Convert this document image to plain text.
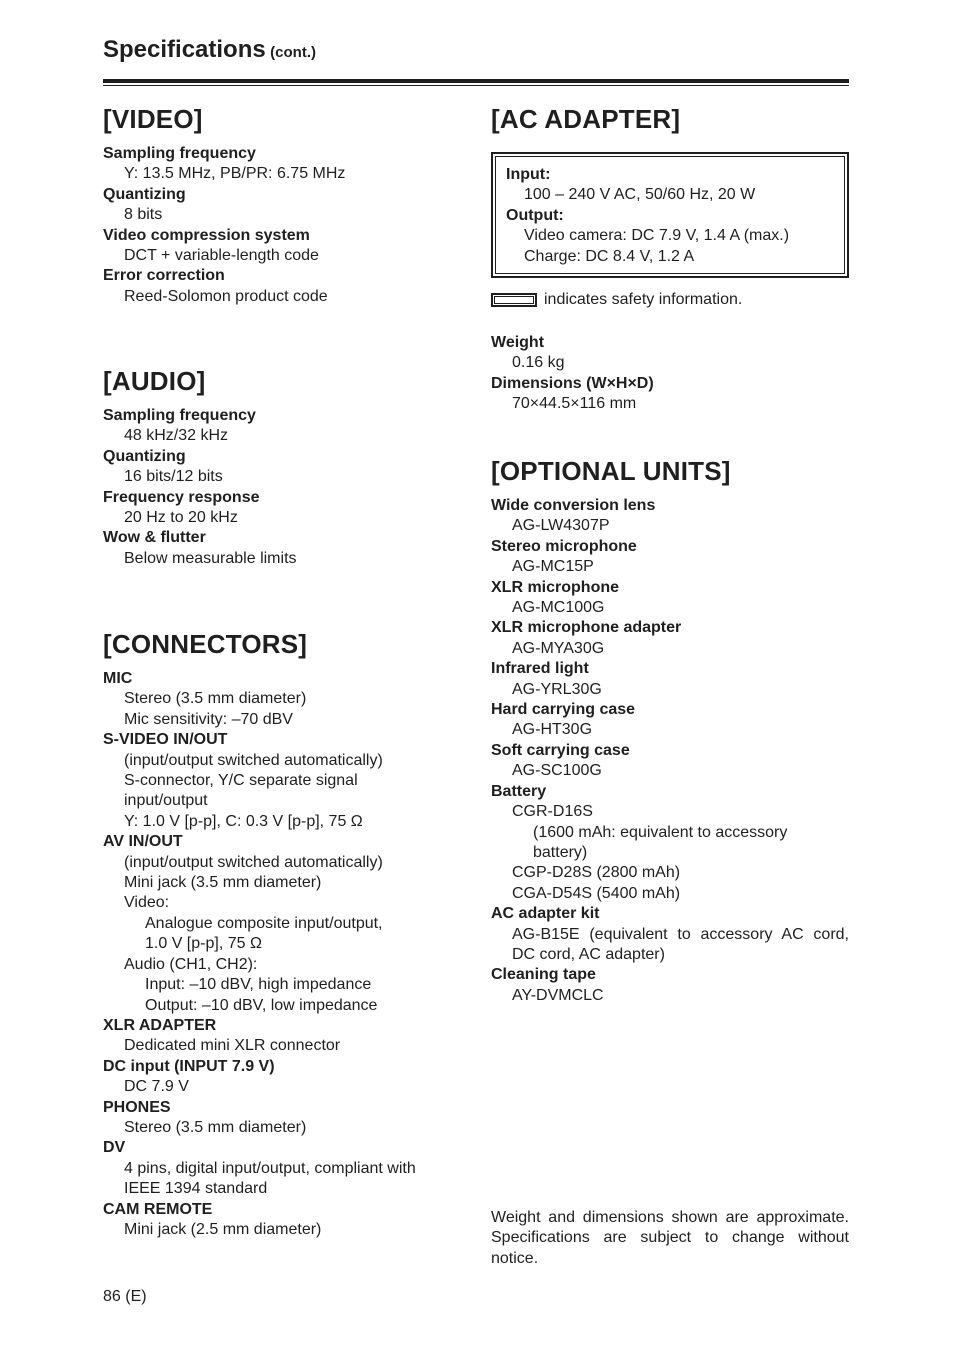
Specifications (cont.)
[VIDEO]
Sampling frequency
Y: 13.5 MHz, PB/PR: 6.75 MHz
Quantizing
8 bits
Video compression system
DCT + variable-length code
Error correction
Reed-Solomon product code
[AUDIO]
Sampling frequency
48 kHz/32 kHz
Quantizing
16 bits/12 bits
Frequency response
20 Hz to 20 kHz
Wow & flutter
Below measurable limits
[CONNECTORS]
MIC
Stereo (3.5 mm diameter)
Mic sensitivity: –70 dBV
S-VIDEO IN/OUT
(input/output switched automatically)
S-connector, Y/C separate signal
input/output
Y: 1.0 V [p-p], C: 0.3 V [p-p], 75 Ω
AV IN/OUT
(input/output switched automatically)
Mini jack (3.5 mm diameter)
Video:
Analogue composite input/output,
1.0 V [p-p], 75 Ω
Audio (CH1, CH2):
Input: –10 dBV, high impedance
Output: –10 dBV, low impedance
XLR ADAPTER
Dedicated mini XLR connector
DC input (INPUT 7.9 V)
DC 7.9 V
PHONES
Stereo (3.5 mm diameter)
DV
4 pins, digital input/output, compliant with
IEEE 1394 standard
CAM REMOTE
Mini jack (2.5 mm diameter)
[AC ADAPTER]
Input:
100 – 240 V AC, 50/60 Hz, 20 W
Output:
Video camera: DC 7.9 V, 1.4 A (max.)
Charge: DC 8.4 V, 1.2 A
indicates safety information.
Weight
0.16 kg
Dimensions (W×H×D)
70×44.5×116 mm
[OPTIONAL UNITS]
Wide conversion lens
AG-LW4307P
Stereo microphone
AG-MC15P
XLR microphone
AG-MC100G
XLR microphone adapter
AG-MYA30G
Infrared light
AG-YRL30G
Hard carrying case
AG-HT30G
Soft carrying case
AG-SC100G
Battery
CGR-D16S
(1600 mAh: equivalent to accessory
battery)
CGP-D28S (2800 mAh)
CGA-D54S (5400 mAh)
AC adapter kit
AG-B15E (equivalent to accessory AC cord, DC cord, AC adapter)
Cleaning tape
AY-DVMCLC
Weight and dimensions shown are approximate. Specifications are subject to change without notice.
86 (E)
